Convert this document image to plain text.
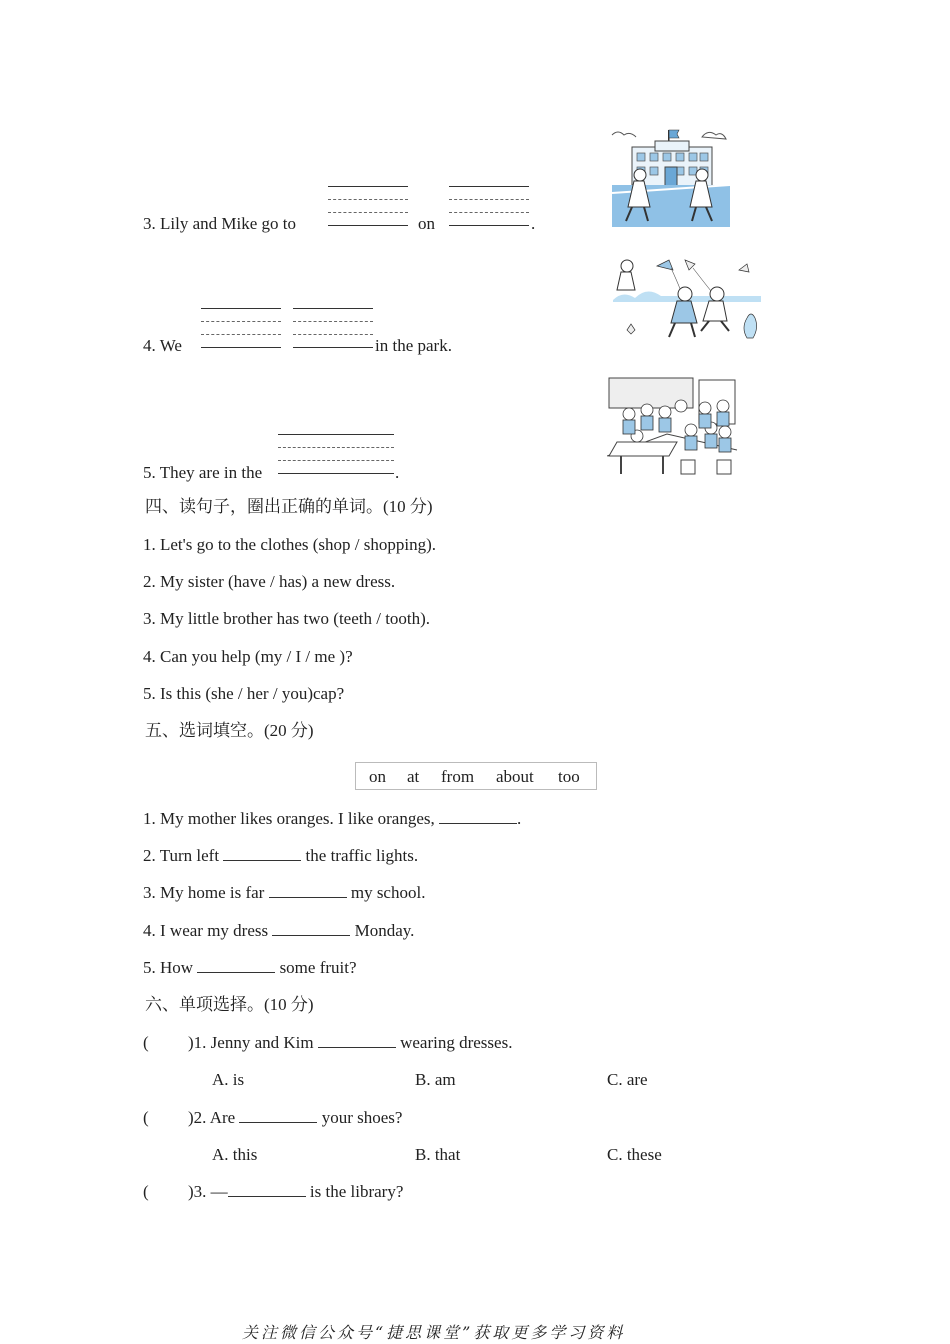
3. Lily and Mike go to	on	.
4. We	in the park.
5. They are in the	.
四、读句子，圈出正确的单词。(10 分)
1. Let's go to the clothes (shop / shopping).
2. My sister (have / has) a new dress.
3. My little brother has two (teeth / tooth).
4. Can you help (my / I / me )?
5. Is this (she / her / you)cap?
五、选词填空。(20 分)
on at from about too
1. My mother likes oranges. I like oranges,	.
2. Turn left	the traffic lights.
3. My home is far	my school.
4. I wear my dress	Monday.
5. How	some fruit?
六、单项选择。(10 分)
( )1. Jenny and Kim	wearing dresses.
A. is	B. am	C. are
( )2. Are	your shoes?
A. this	B. that	C. these
( )3. —	is the library?
关注微信公众号“捷思课堂”获取更多学习资料
